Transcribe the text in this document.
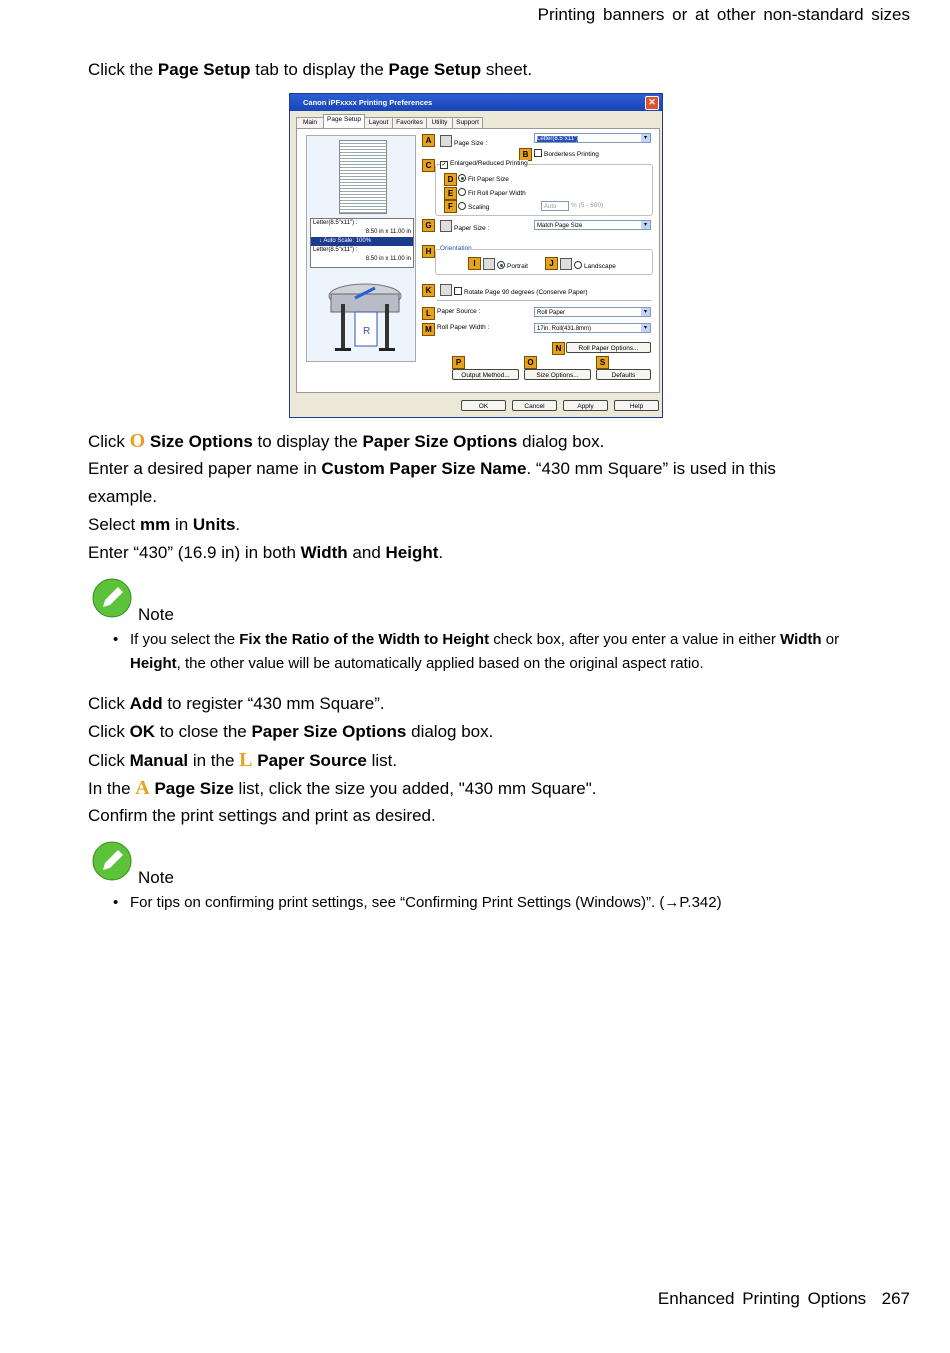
Printing banners or at other non-standard sizes
Click the Page Setup tab to display the Page Setup sheet.
Canon iPFxxxx Printing Preferences	✕
Main	Page Setup	Layout	Favorites	Utility	Support
Letter(8.5"x11") :
8.50 in x 11.00 in
↓ Auto Scale: 100%
Letter(8.5"x11") :
8.50 in x 11.00 in
R
A	Page Size :
Letter(8.5"x11")	▾
B	Borderless Printing
C	✓ Enlarged/Reduced Printing
D	Fit Paper Size
E	Fit Roll Paper Width
F	Scaling	Auto	% (5 - 600)
G	Paper Size :	Match Page Size	▾
H	Orientation
I	Portrait	J	Landscape
K	Rotate Page 90 degrees (Conserve Paper)
L Paper Source :	Roll Paper	▾
M Roll Paper Width :	17in. Roll(431.8mm)	▾
N	Roll Paper Options...
P	O	S
Output Method...	Size Options...	Defaults
OK	Cancel	Apply	Help
Click O Size Options to display the Paper Size Options dialog box.
Enter a desired paper name in Custom Paper Size Name. “430 mm Square” is used in this example.
Select mm in Units.
Enter “430” (16.9 in) in both Width and Height.
Note
• If you select the Fix the Ratio of the Width to Height check box, after you enter a value in either Width or Height, the other value will be automatically applied based on the original aspect ratio.
Click Add to register “430 mm Square”.
Click OK to close the Paper Size Options dialog box.
Click Manual in the L Paper Source list.
In the A Page Size list, click the size you added, "430 mm Square".
Confirm the print settings and print as desired.
Note
• For tips on confirming print settings, see “Confirming Print Settings (Windows)”. (→P.342)
Enhanced Printing Options 267
